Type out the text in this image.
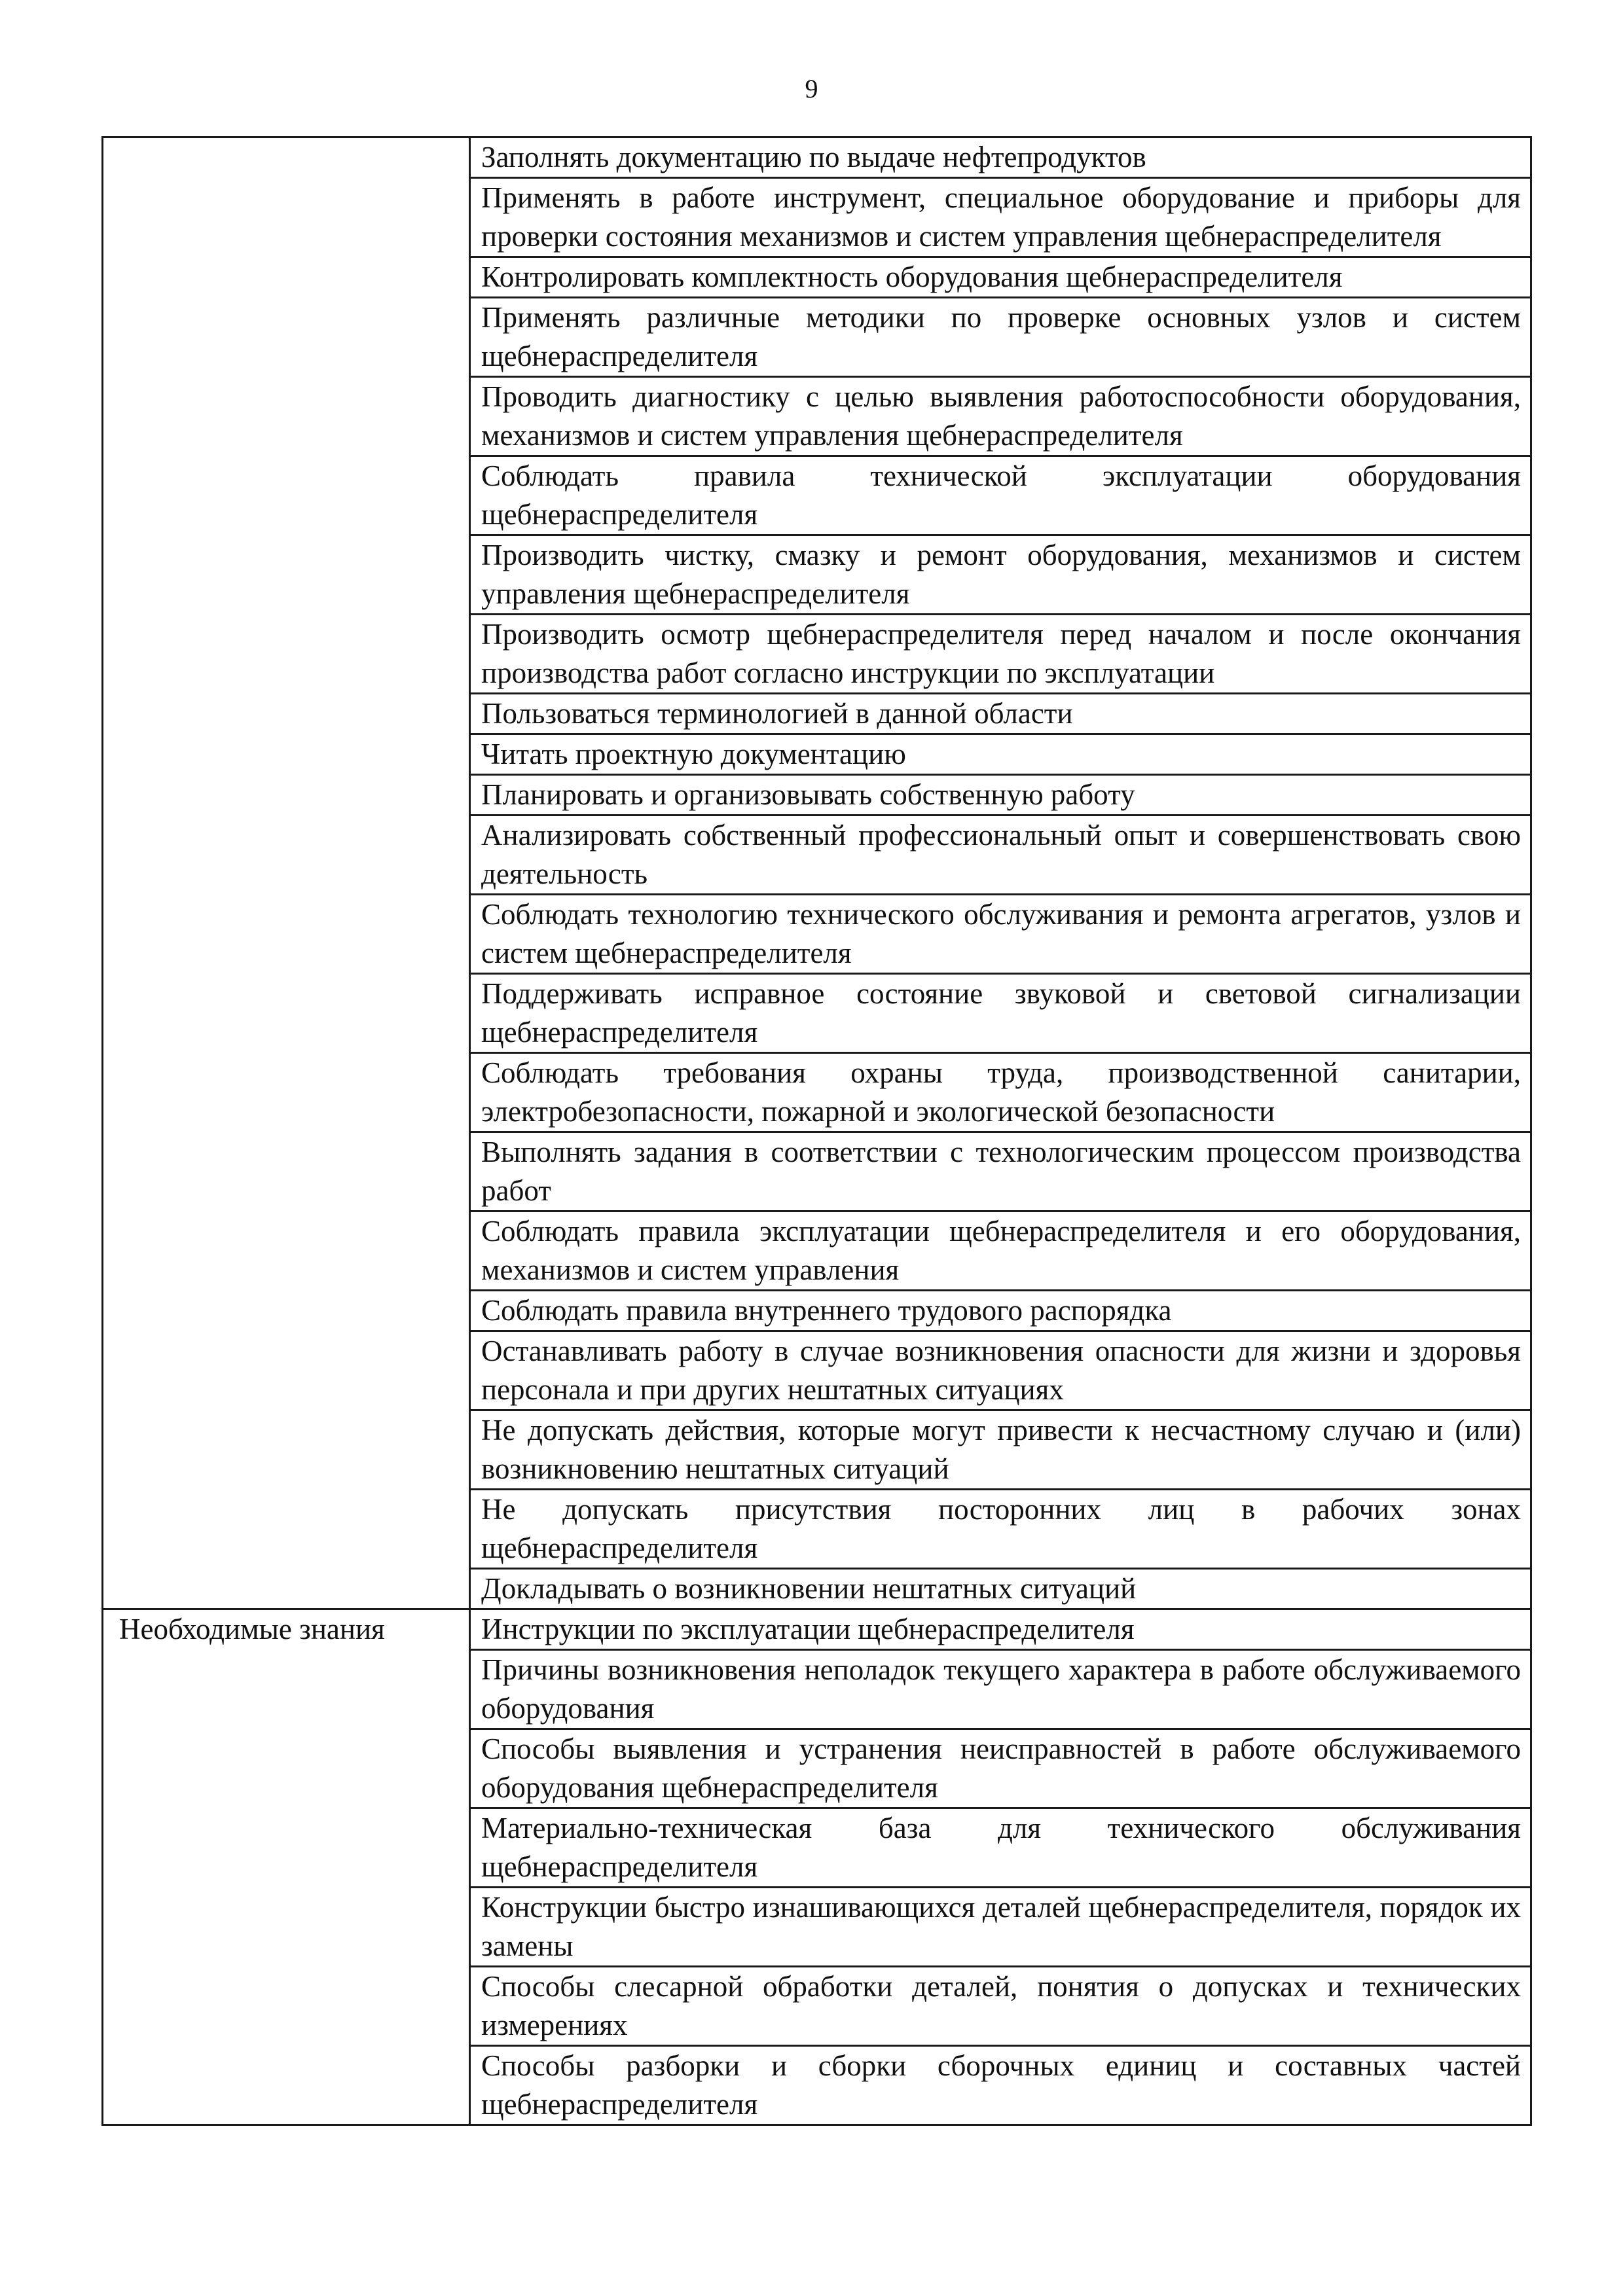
9
	Заполнять документацию по выдаче нефтепродуктов
	Применять в работе инструмент, специальное оборудование и приборы для проверки состояния механизмов и систем управления щебнераспределителя
	Контролировать комплектность оборудования щебнераспределителя
	Применять различные методики по проверке основных узлов и систем щебнераспределителя
	Проводить диагностику с целью выявления работоспособности оборудования, механизмов и систем управления щебнераспределителя
	Соблюдать правила технической эксплуатации оборудования щебнераспределителя
	Производить чистку, смазку и ремонт оборудования, механизмов и систем управления щебнераспределителя
	Производить осмотр щебнераспределителя перед началом и после окончания производства работ согласно инструкции по эксплуатации
	Пользоваться терминологией в данной области
	Читать проектную документацию
	Планировать и организовывать собственную работу
	Анализировать собственный профессиональный опыт и совершенствовать свою деятельность
	Соблюдать технологию технического обслуживания и ремонта агрегатов, узлов и систем щебнераспределителя
	Поддерживать исправное состояние звуковой и световой сигнализации щебнераспределителя
	Соблюдать требования охраны труда, производственной санитарии, электробезопасности, пожарной и экологической безопасности
	Выполнять задания в соответствии с технологическим процессом производства работ
	Соблюдать правила эксплуатации щебнераспределителя и его оборудования, механизмов и систем управления
	Соблюдать правила внутреннего трудового распорядка
	Останавливать работу в случае возникновения опасности для жизни и здоровья персонала и при других нештатных ситуациях
	Не допускать действия, которые могут привести к несчастному случаю и (или) возникновению нештатных ситуаций
	Не допускать присутствия посторонних лиц в рабочих зонах щебнераспределителя
	Докладывать о возникновении нештатных ситуаций
Необходимые знания	Инструкции по эксплуатации щебнераспределителя
	Причины возникновения неполадок текущего характера в работе обслуживаемого оборудования
	Способы выявления и устранения неисправностей в работе обслуживаемого оборудования щебнераспределителя
	Материально-техническая база для технического обслуживания щебнераспределителя
	Конструкции быстро изнашивающихся деталей щебнераспределителя, порядок их замены
	Способы слесарной обработки деталей, понятия о допусках и технических измерениях
	Способы разборки и сборки сборочных единиц и составных частей щебнераспределителя
